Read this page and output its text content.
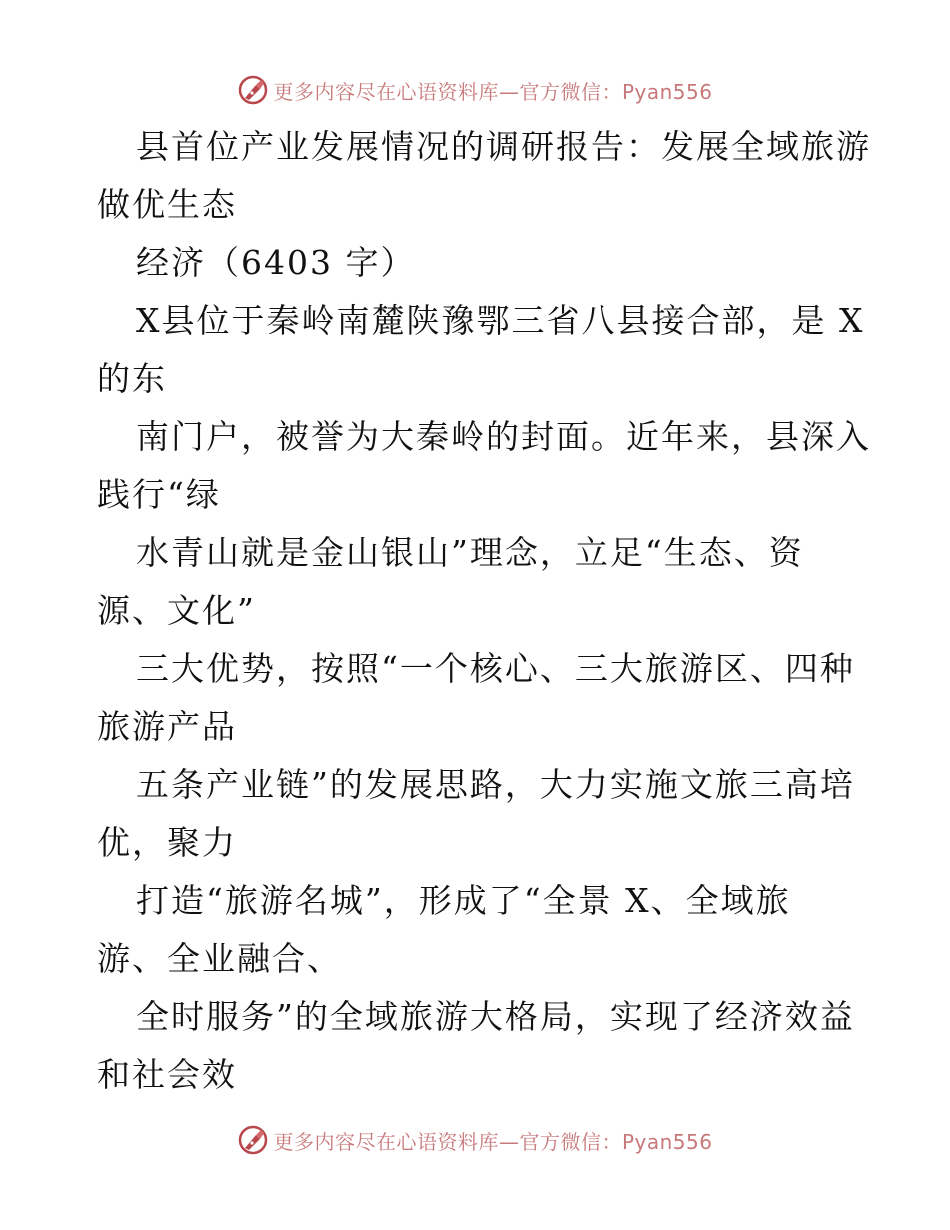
更多内容尽在心语资料库—官方微信：Pyan556
县首位产业发展情况的调研报告：发展全域旅游
做优生态
经济（6403 字）
X县位于秦岭南麓陕豫鄂三省八县接合部，是 X
的东
南门户，被誉为大秦岭的封面。近年来，县深入
践行“绿
水青山就是金山银山”理念，立足“生态、资
源、文化”
三大优势，按照“一个核心、三大旅游区、四种
旅游产品
五条产业链”的发展思路，大力实施文旅三高培
优，聚力
打造“旅游名城”，形成了“全景 X、全域旅
游、全业融合、
全时服务”的全域旅游大格局，实现了经济效益
和社会效
更多内容尽在心语资料库—官方微信：Pyan556
